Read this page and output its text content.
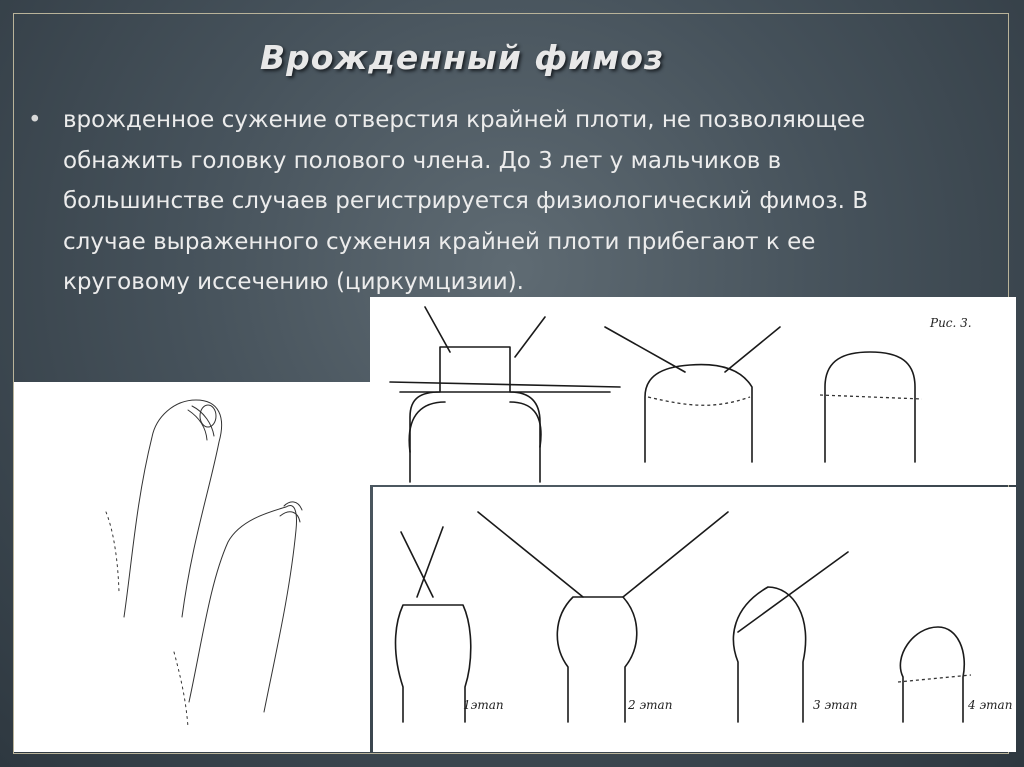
Врожденный фимоз
• врожденное сужение отверстия крайней плоти, не позволяющее обнажить головку полового члена. До 3 лет у мальчиков в большинстве случаев регистрируется физиологический фимоз. В случае выраженного сужения крайней плоти прибегают к ее круговому иссечению (циркумцизии).

Рис. 3.
1этап	2 этап	3 этап	4 этап
